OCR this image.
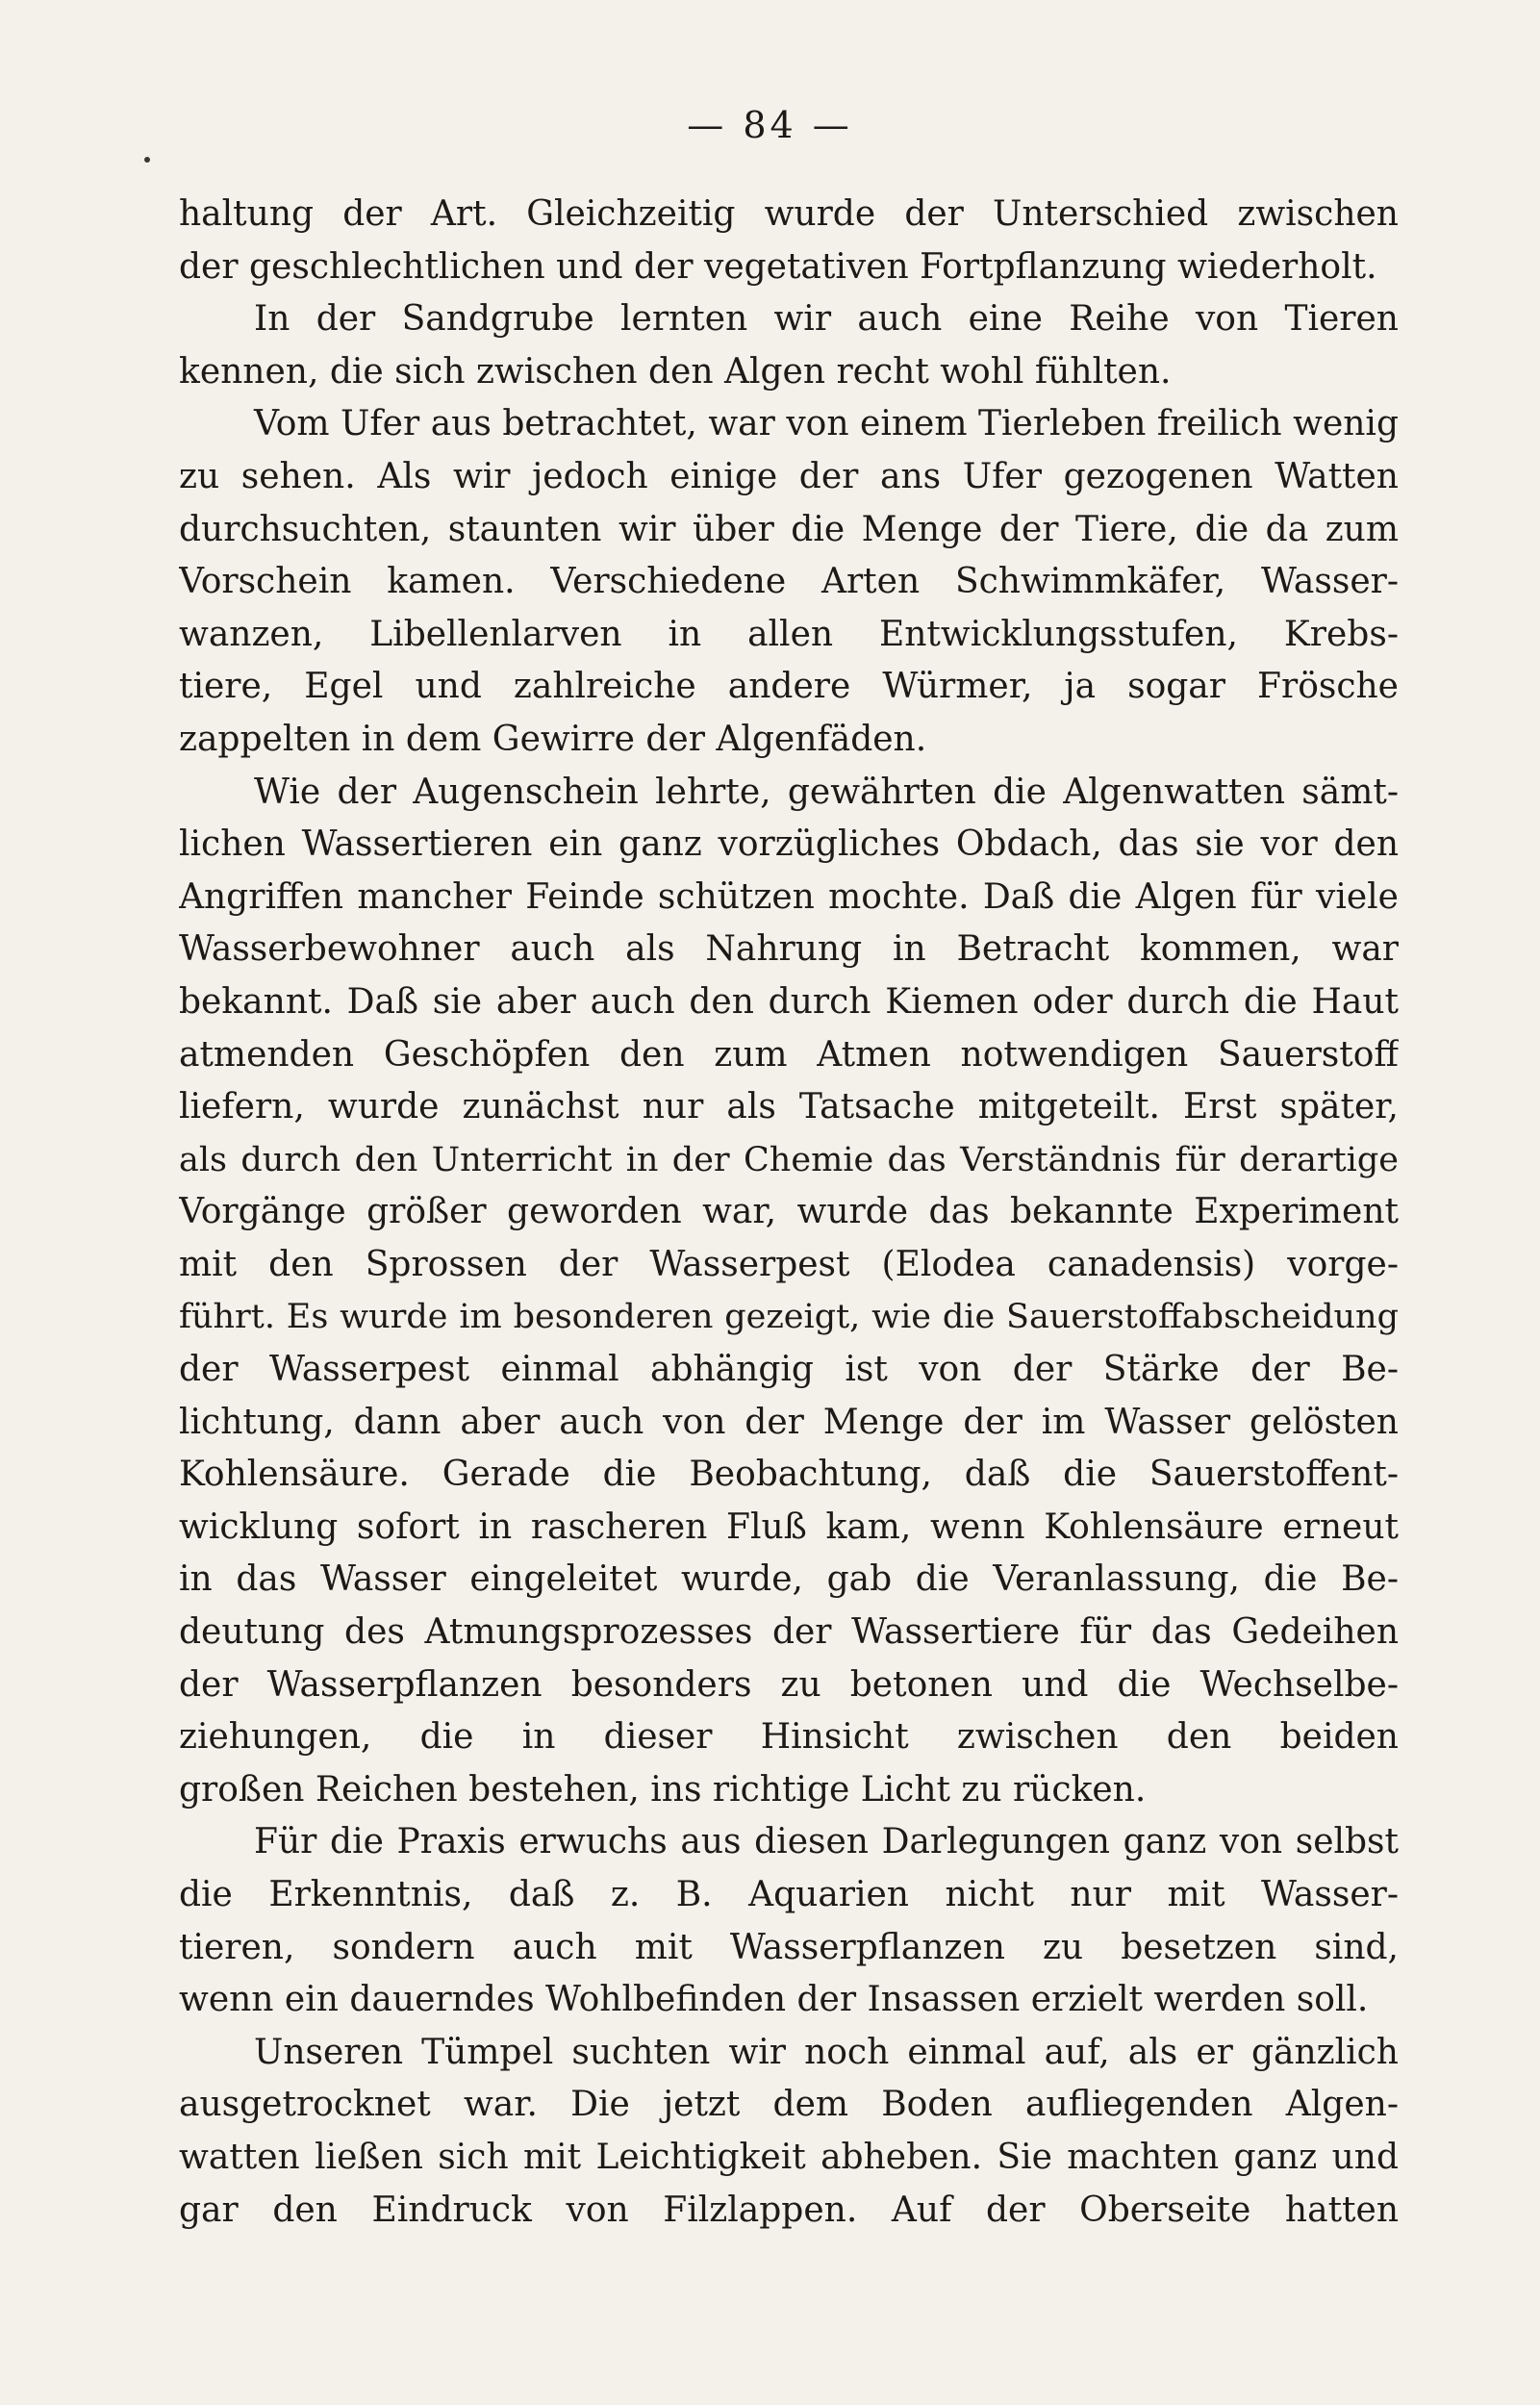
— 84 —
haltung der Art. Gleichzeitig wurde der Unterschied zwischen
der geschlechtlichen und der vegetativen Fortpflanzung wiederholt.
In der Sandgrube lernten wir auch eine Reihe von Tieren
kennen, die sich zwischen den Algen recht wohl fühlten.
Vom Ufer aus betrachtet, war von einem Tierleben freilich wenig
zu sehen. Als wir jedoch einige der ans Ufer gezogenen Watten
durchsuchten, staunten wir über die Menge der Tiere, die da zum
Vorschein kamen. Verschiedene Arten Schwimmkäfer, Wasser-
wanzen, Libellenlarven in allen Entwicklungsstufen, Krebs-
tiere, Egel und zahlreiche andere Würmer, ja sogar Frösche
zappelten in dem Gewirre der Algenfäden.
Wie der Augenschein lehrte, gewährten die Algenwatten sämt-
lichen Wassertieren ein ganz vorzügliches Obdach, das sie vor den
Angriffen mancher Feinde schützen mochte. Daß die Algen für viele
Wasserbewohner auch als Nahrung in Betracht kommen, war
bekannt. Daß sie aber auch den durch Kiemen oder durch die Haut
atmenden Geschöpfen den zum Atmen notwendigen Sauerstoff
liefern, wurde zunächst nur als Tatsache mitgeteilt. Erst später,
als durch den Unterricht in der Chemie das Verständnis für derartige
Vorgänge größer geworden war, wurde das bekannte Experiment
mit den Sprossen der Wasserpest (Elodea canadensis) vorge-
führt. Es wurde im besonderen gezeigt, wie die Sauerstoffabscheidung
der Wasserpest einmal abhängig ist von der Stärke der Be-
lichtung, dann aber auch von der Menge der im Wasser gelösten
Kohlensäure. Gerade die Beobachtung, daß die Sauerstoffent-
wicklung sofort in rascheren Fluß kam, wenn Kohlensäure erneut
in das Wasser eingeleitet wurde, gab die Veranlassung, die Be-
deutung des Atmungsprozesses der Wassertiere für das Gedeihen
der Wasserpflanzen besonders zu betonen und die Wechselbe-
ziehungen, die in dieser Hinsicht zwischen den beiden
großen Reichen bestehen, ins richtige Licht zu rücken.
Für die Praxis erwuchs aus diesen Darlegungen ganz von selbst
die Erkenntnis, daß z. B. Aquarien nicht nur mit Wasser-
tieren, sondern auch mit Wasserpflanzen zu besetzen sind,
wenn ein dauerndes Wohlbefinden der Insassen erzielt werden soll.
Unseren Tümpel suchten wir noch einmal auf, als er gänzlich
ausgetrocknet war. Die jetzt dem Boden aufliegenden Algen-
watten ließen sich mit Leichtigkeit abheben. Sie machten ganz und
gar den Eindruck von Filzlappen. Auf der Oberseite hatten
